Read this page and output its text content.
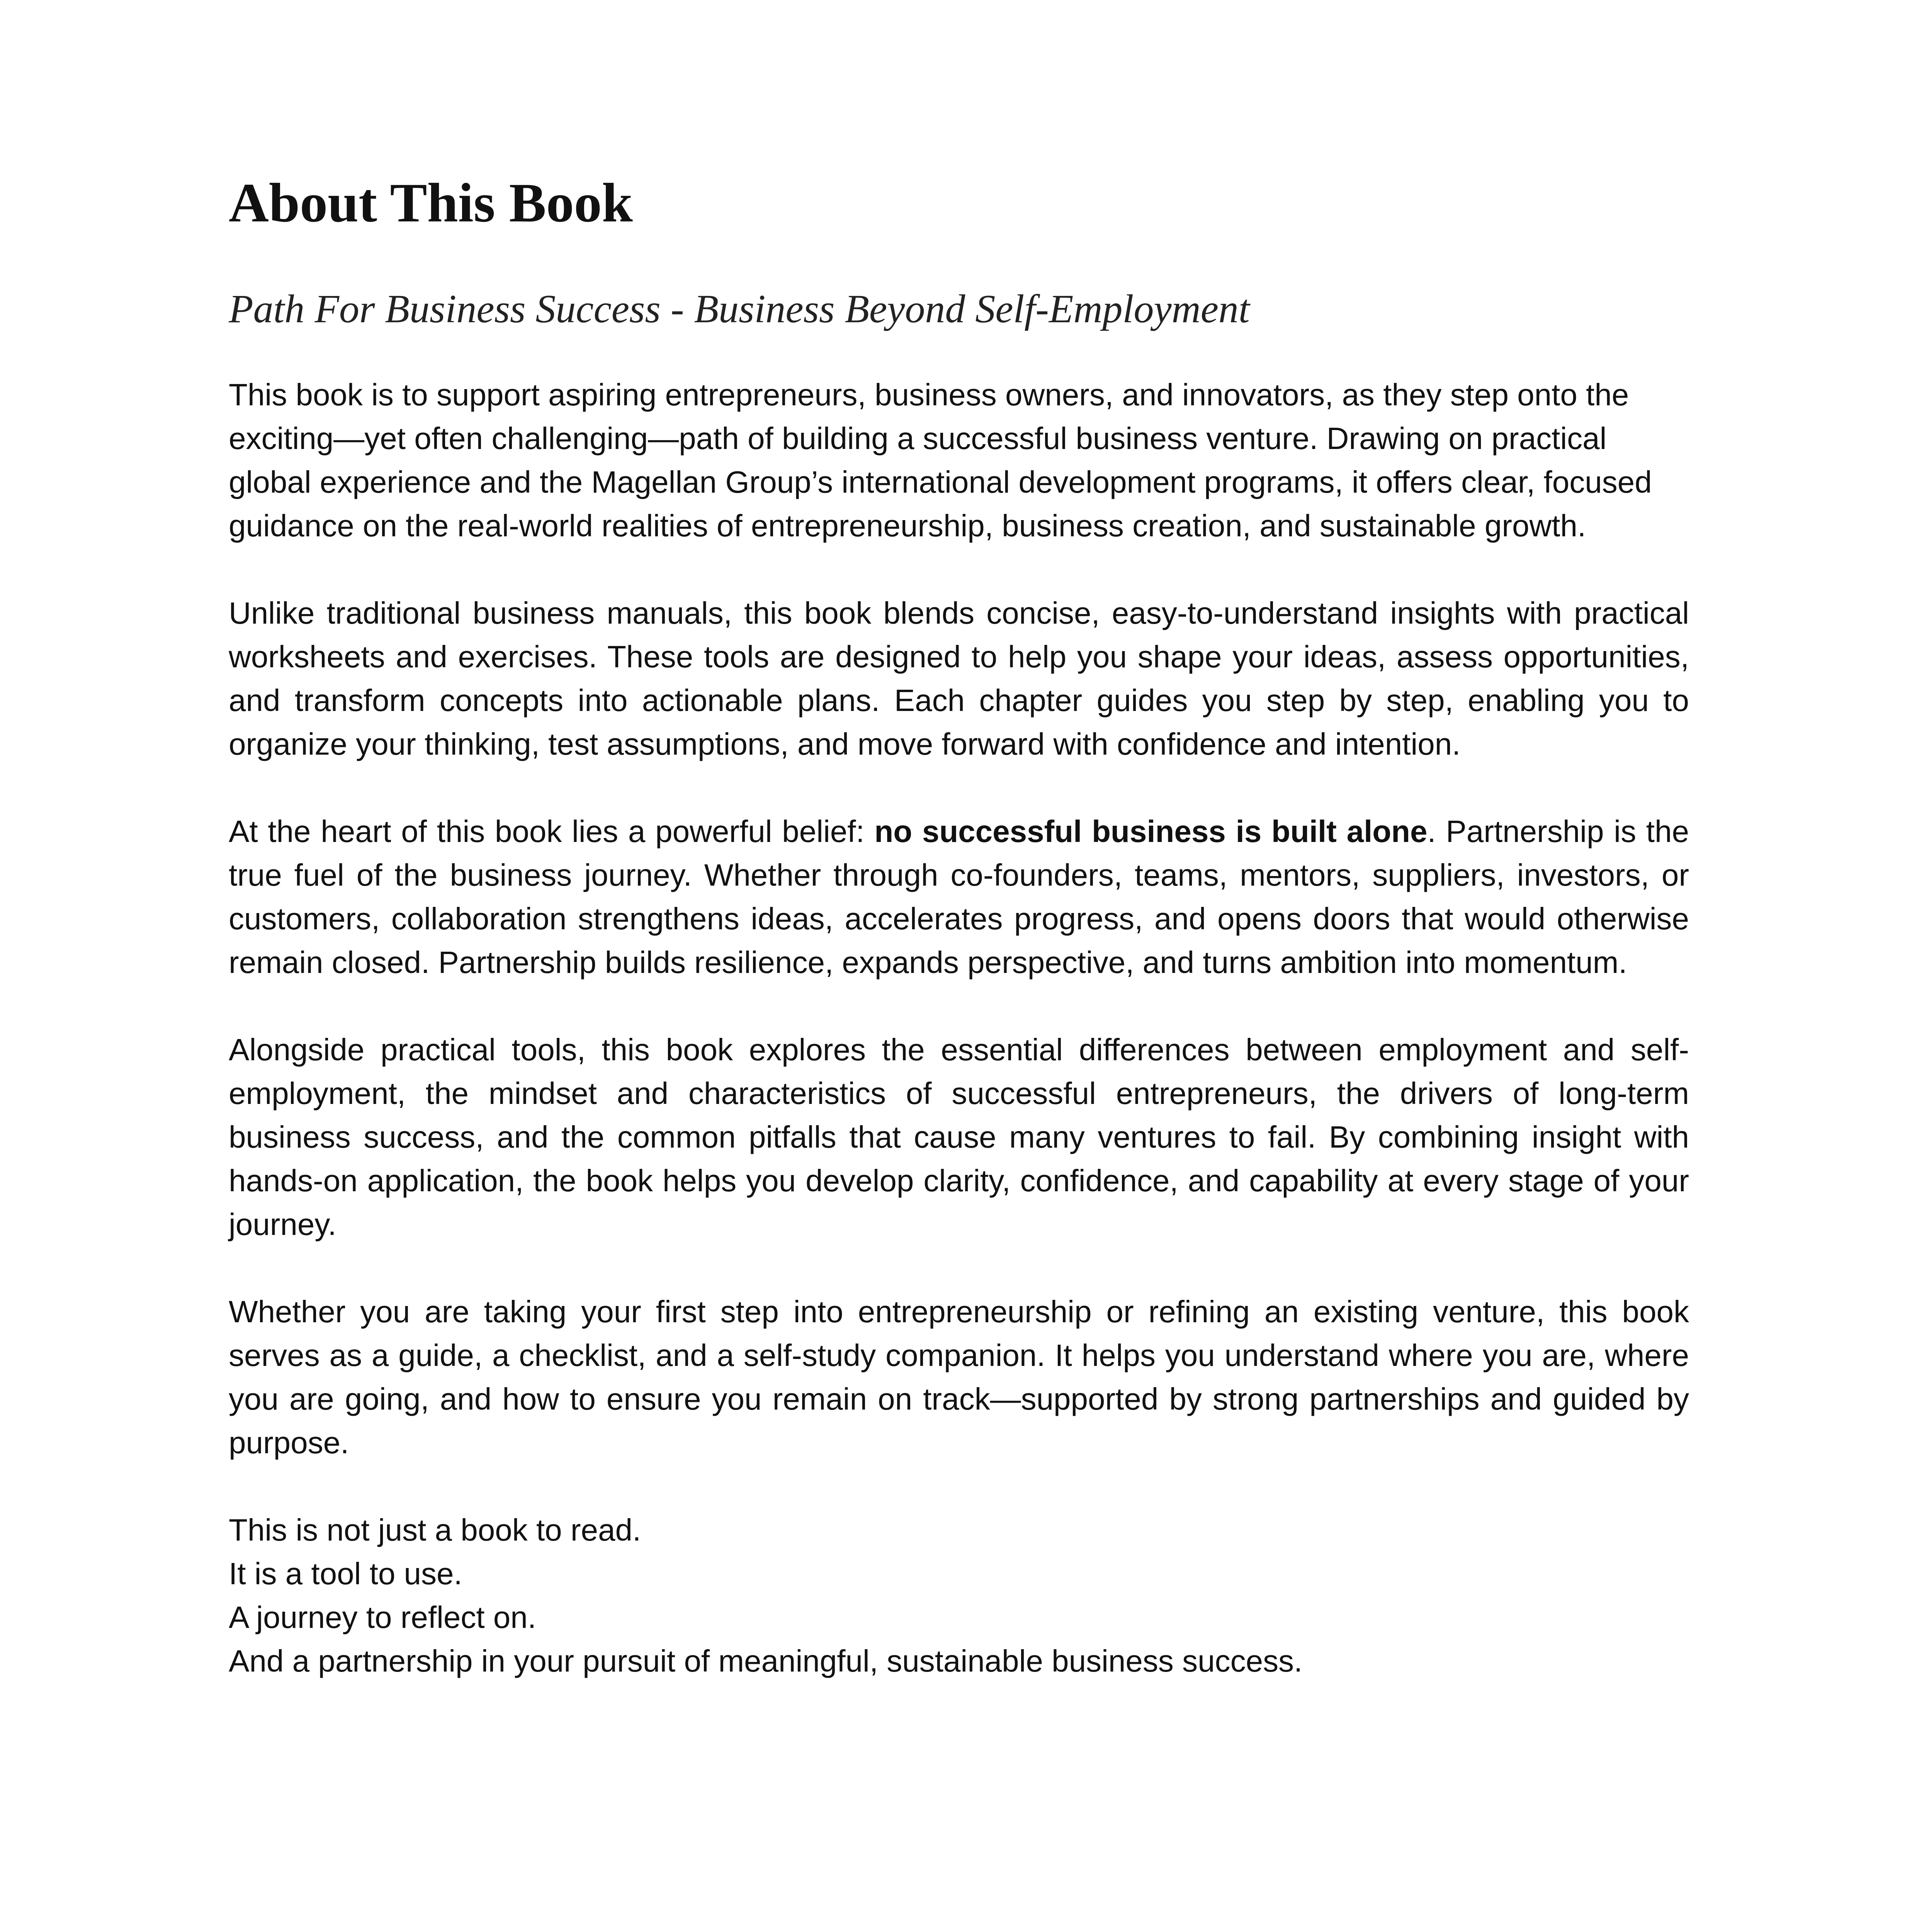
About This Book
Path For Business Success - Business Beyond Self-Employment

This book is to support aspiring entrepreneurs, business owners, and innovators, as they step onto the exciting—yet often challenging—path of building a successful business venture. Drawing on practical global experience and the Magellan Group’s international development programs, it offers clear, focused guidance on the real-world realities of entrepreneurship, business creation, and sustainable growth.

Unlike traditional business manuals, this book blends concise, easy-to-understand insights with practical worksheets and exercises. These tools are designed to help you shape your ideas, assess opportunities, and transform concepts into actionable plans. Each chapter guides you step by step, enabling you to organize your thinking, test assumptions, and move forward with confidence and intention.

At the heart of this book lies a powerful belief: no successful business is built alone. Partnership is the true fuel of the business journey. Whether through co-founders, teams, mentors, suppliers, investors, or customers, collaboration strengthens ideas, accelerates progress, and opens doors that would otherwise remain closed. Partnership builds resilience, expands perspective, and turns ambition into momentum.

Alongside practical tools, this book explores the essential differences between employment and self-employment, the mindset and characteristics of successful entrepreneurs, the drivers of long-term business success, and the common pitfalls that cause many ventures to fail. By combining insight with hands-on application, the book helps you develop clarity, confidence, and capability at every stage of your journey.

Whether you are taking your first step into entrepreneurship or refining an existing venture, this book serves as a guide, a checklist, and a self-study companion. It helps you understand where you are, where you are going, and how to ensure you remain on track—supported by strong partnerships and guided by purpose.

This is not just a book to read.
It is a tool to use.
A journey to reflect on.
And a partnership in your pursuit of meaningful, sustainable business success.
